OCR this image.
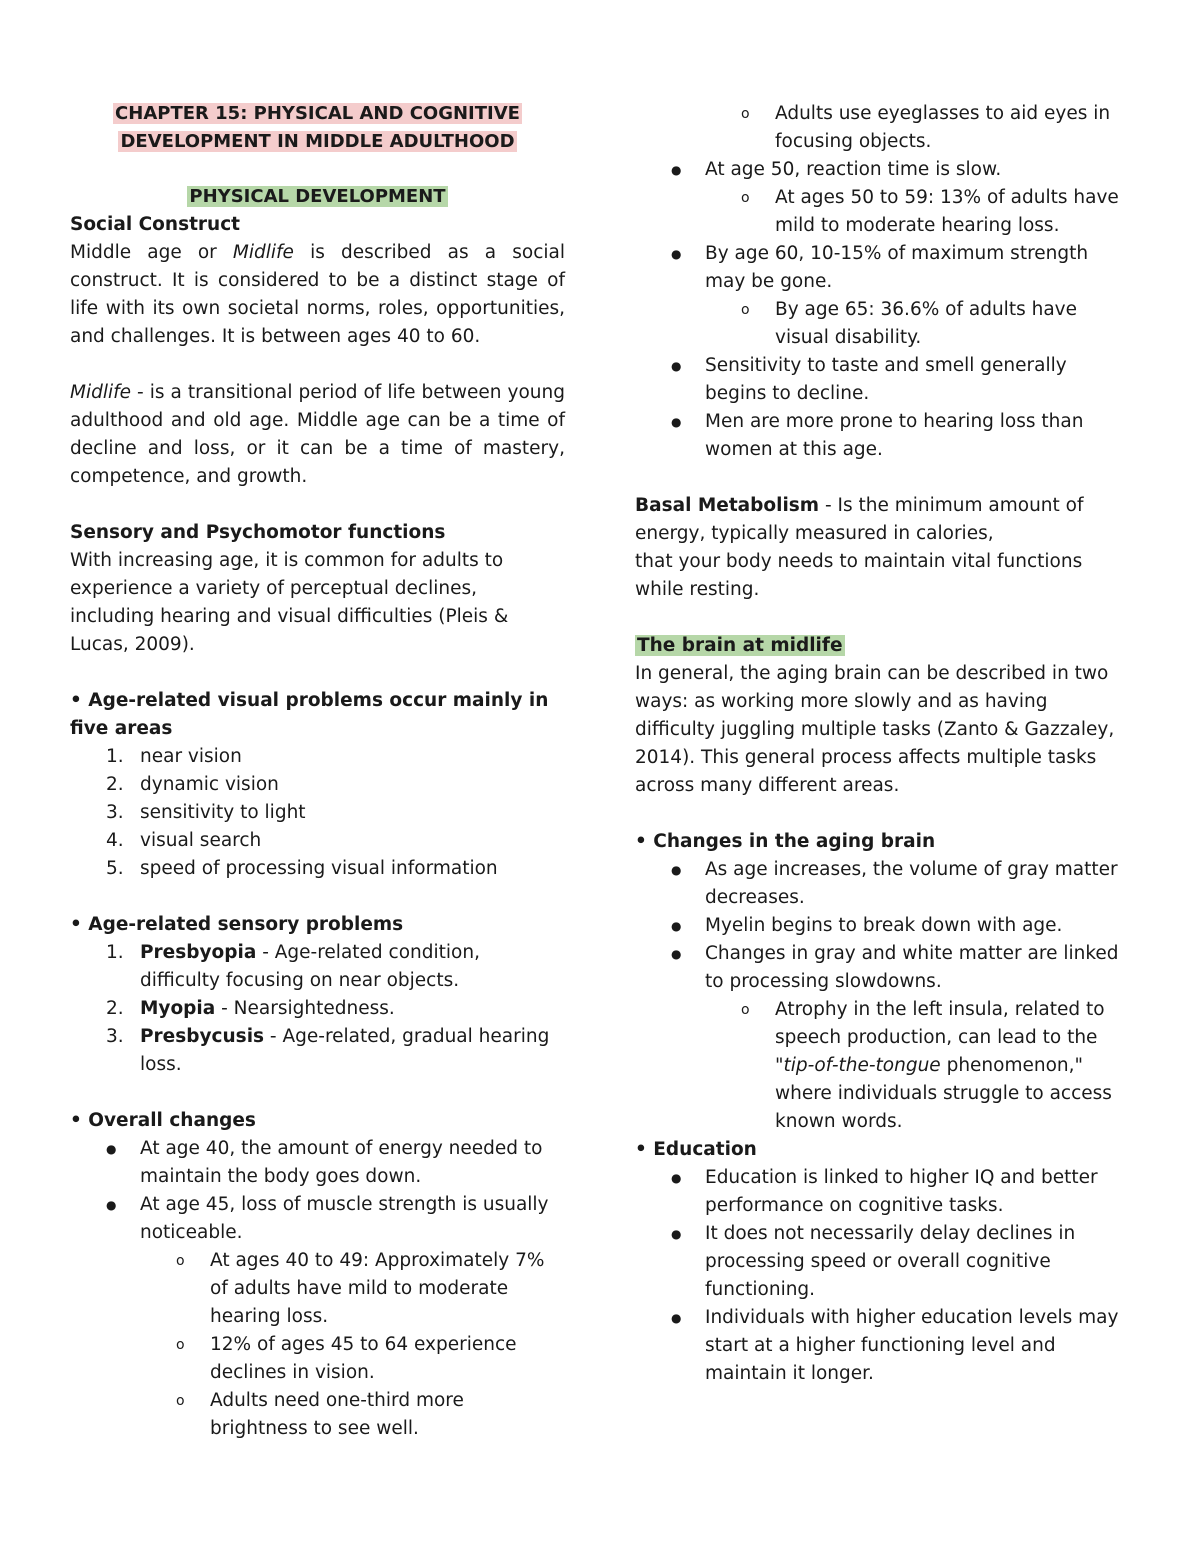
CHAPTER 15: PHYSICAL AND COGNITIVE
DEVELOPMENT IN MIDDLE ADULTHOOD

PHYSICAL DEVELOPMENT

Social Construct

Middle age or Midlife is described as a social construct. It is considered to be a distinct stage of life with its own societal norms, roles, opportunities, and challenges. It is between ages 40 to 60.

Midlife - is a transitional period of life between young adulthood and old age. Middle age can be a time of decline and loss, or it can be a time of mastery, competence, and growth.

Sensory and Psychomotor functions

With increasing age, it is common for adults to experience a variety of perceptual declines, including hearing and visual difficulties (Pleis & Lucas, 2009).

• Age-related visual problems occur mainly in five areas

1. near vision
2. dynamic vision
3. sensitivity to light
4. visual search
5. speed of processing visual information

• Age-related sensory problems

1. Presbyopia - Age-related condition, difficulty focusing on near objects.
2. Myopia - Nearsightedness.
3. Presbycusis - Age-related, gradual hearing loss.

• Overall changes

● At age 40, the amount of energy needed to maintain the body goes down.
● At age 45, loss of muscle strength is usually noticeable.
o At ages 40 to 49: Approximately 7% of adults have mild to moderate hearing loss.
o 12% of ages 45 to 64 experience declines in vision.
o Adults need one-third more brightness to see well.
o Adults use eyeglasses to aid eyes in focusing objects.
● At age 50, reaction time is slow.
o At ages 50 to 59: 13% of adults have mild to moderate hearing loss.
● By age 60, 10-15% of maximum strength may be gone.
o By age 65: 36.6% of adults have visual disability.
● Sensitivity to taste and smell generally begins to decline.
● Men are more prone to hearing loss than women at this age.

Basal Metabolism - Is the minimum amount of
energy, typically measured in calories,
that your body needs to maintain vital functions while resting.

The brain at midlife

In general, the aging brain can be described in two ways: as working more slowly and as having difficulty juggling multiple tasks (Zanto & Gazzaley, 2014). This general process affects multiple tasks across many different areas.

• Changes in the aging brain

● As age increases, the volume of gray matter decreases.
● Myelin begins to break down with age.
● Changes in gray and white matter are linked to processing slowdowns.
o Atrophy in the left insula, related to speech production, can lead to the "tip-of-the-tongue phenomenon," where individuals struggle to access known words.

• Education

● Education is linked to higher IQ and better performance on cognitive tasks.
● It does not necessarily delay declines in processing speed or overall cognitive functioning.
● Individuals with higher education levels may start at a higher functioning level and maintain it longer.
